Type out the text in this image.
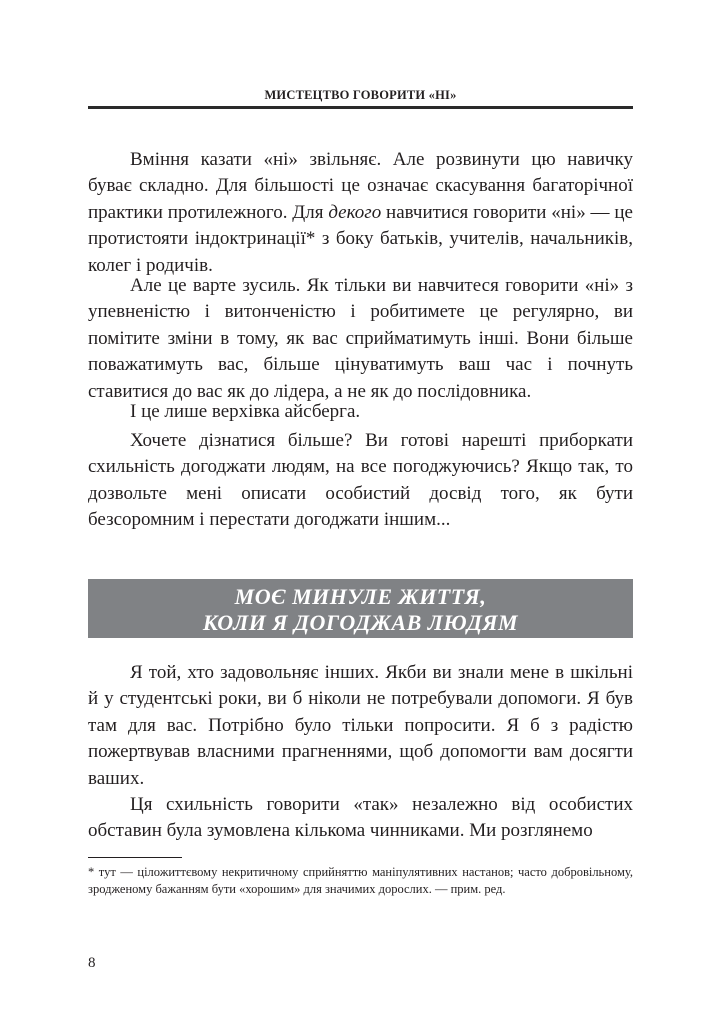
МИСТЕЦТВО ГОВОРИТИ «НІ»

Вміння казати «ні» звільняє. Але розвинути цю навичку буває складно. Для більшості це означає скасування багаторічної практики протилежного. Для декого навчитися говорити «ні» — це протистояти індоктринації* з боку батьків, учителів, начальників, колег і родичів.

Але це варте зусиль. Як тільки ви навчитеся говорити «ні» з упевненістю і витонченістю і робитимете це регулярно, ви помітите зміни в тому, як вас сприйматимуть інші. Вони більше поважатимуть вас, більше цінуватимуть ваш час і почнуть ставитися до вас як до лідера, а не як до послідовника.

І це лише верхівка айсберга.

Хочете дізнатися більше? Ви готові нарешті приборкати схильність догоджати людям, на все погоджуючись? Якщо так, то дозвольте мені описати особистий досвід того, як бути безсоромним і перестати догоджати іншим...

МОЄ МИНУЛЕ ЖИТТЯ,
КОЛИ Я ДОГОДЖАВ ЛЮДЯМ

Я той, хто задовольняє інших. Якби ви знали мене в шкільні й у студентські роки, ви б ніколи не потребували допомоги. Я був там для вас. Потрібно було тільки попросити. Я б з радістю пожертвував власними прагненнями, щоб допомогти вам досягти ваших.

Ця схильність говорити «так» незалежно від особистих обставин була зумовлена кількома чинниками. Ми розглянемо

* тут — ціложиттєвому некритичному сприйняттю маніпулятивних настанов; часто добровільному, зродженому бажанням бути «хорошим» для значимих дорослих. — прим. ред.

8
